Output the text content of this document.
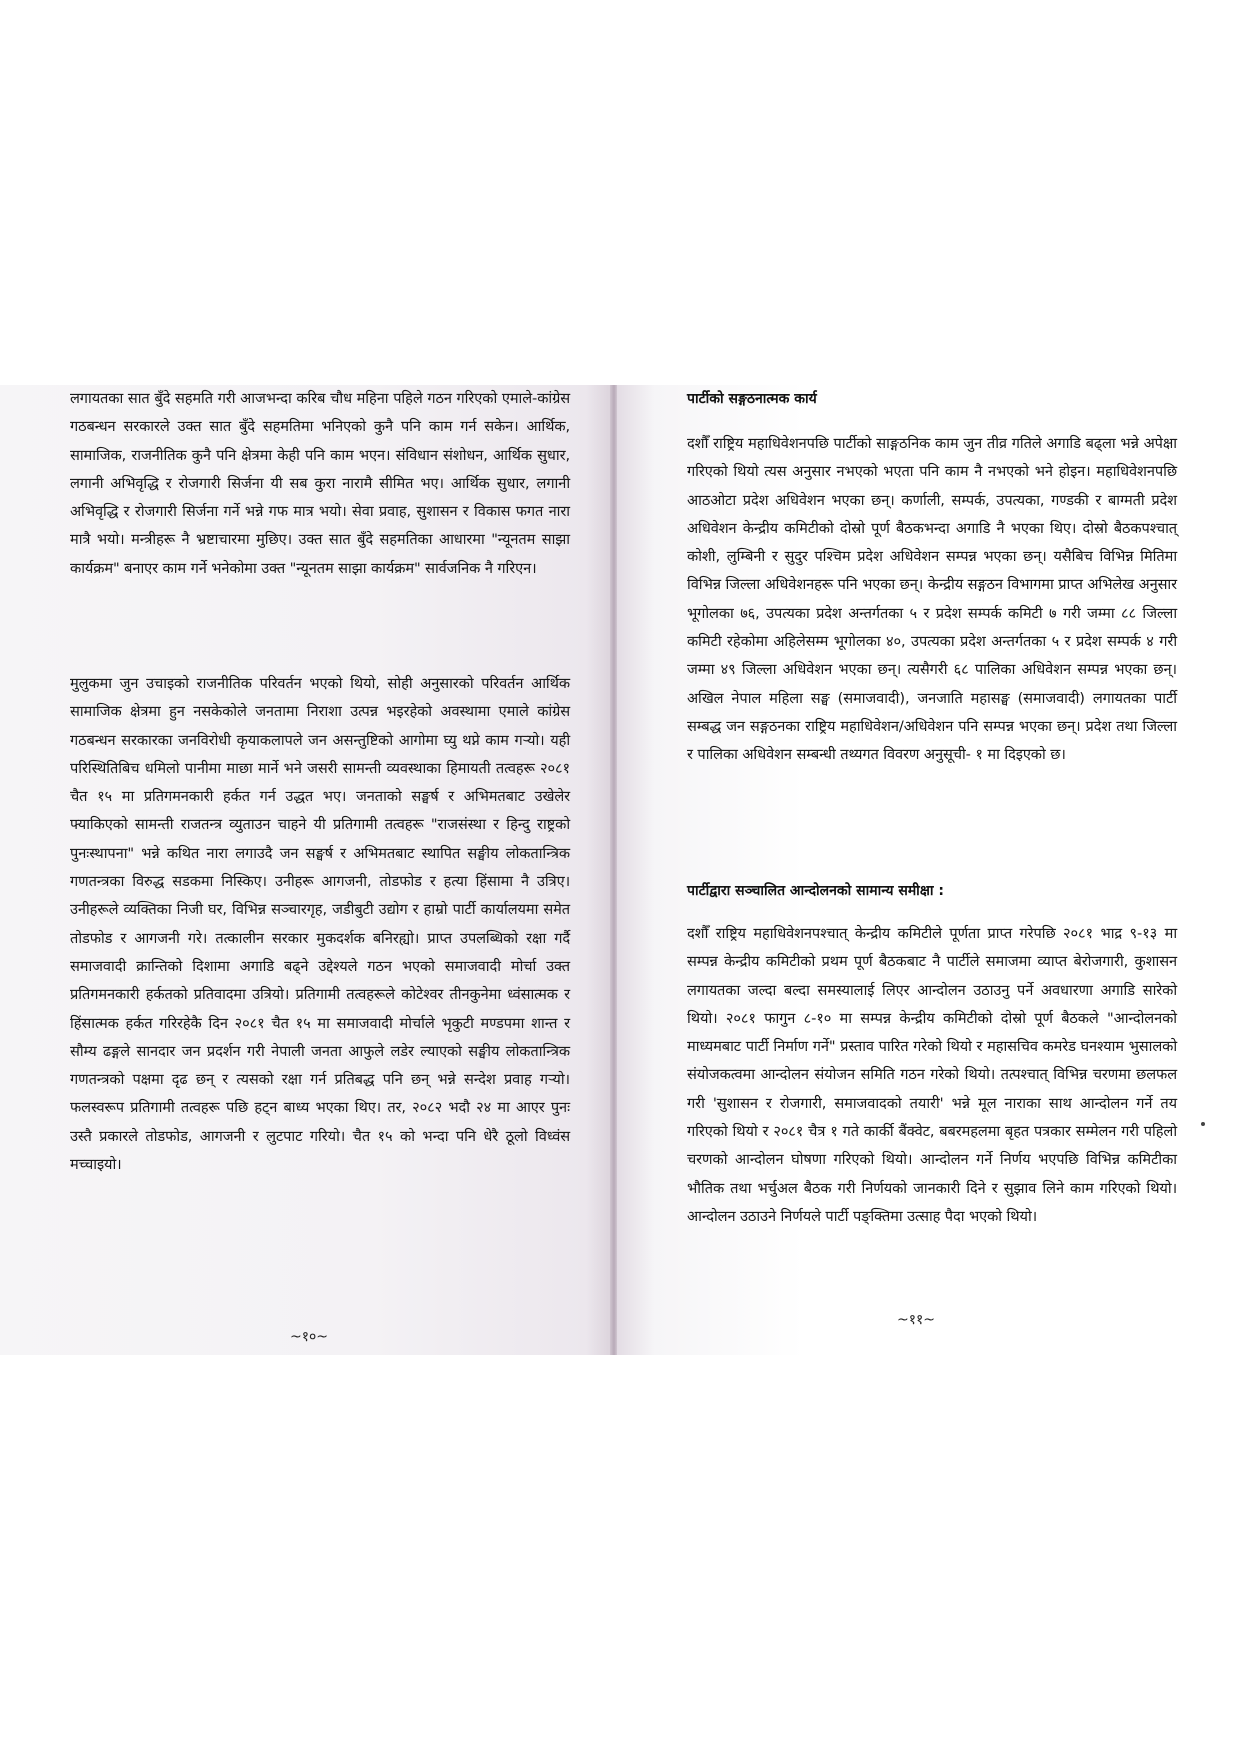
लगायतका सात बुँदे सहमति गरी आजभन्दा करिब चौध महिना पहिले गठन गरिएको एमाले-कांग्रेस गठबन्धन सरकारले उक्त सात बुँदे सहमतिमा भनिएको कुनै पनि काम गर्न सकेन। आर्थिक, सामाजिक, राजनीतिक कुनै पनि क्षेत्रमा केही पनि काम भएन। संविधान संशोधन, आर्थिक सुधार, लगानी अभिवृद्धि र रोजगारी सिर्जना यी सब कुरा नारामै सीमित भए। आर्थिक सुधार, लगानी अभिवृद्धि र रोजगारी सिर्जना गर्ने भन्ने गफ मात्र भयो। सेवा प्रवाह, सुशासन र विकास फगत नारा मात्रै भयो। मन्त्रीहरू नै भ्रष्टाचारमा मुछिए। उक्त सात बुँदे सहमतिका आधारमा "न्यूनतम साझा कार्यक्रम" बनाएर काम गर्ने भनेकोमा उक्त "न्यूनतम साझा कार्यक्रम" सार्वजनिक नै गरिएन।

मुलुकमा जुन उचाइको राजनीतिक परिवर्तन भएको थियो, सोही अनुसारको परिवर्तन आर्थिक सामाजिक क्षेत्रमा हुन नसकेकोले जनतामा निराशा उत्पन्न भइरहेको अवस्थामा एमाले कांग्रेस गठबन्धन सरकारका जनविरोधी कृयाकलापले जन असन्तुष्टिको आगोमा घ्यु थप्ने काम गऱ्यो। यही परिस्थितिबिच धमिलो पानीमा माछा मार्ने भने जसरी सामन्ती व्यवस्थाका हिमायती तत्वहरू २०८१ चैत १५ मा प्रतिगमनकारी हर्कत गर्न उद्धत भए। जनताको सङ्घर्ष र अभिमतबाट उखेलेर फ्याकिएको सामन्ती राजतन्त्र व्युताउन चाहने यी प्रतिगामी तत्वहरू "राजसंस्था र हिन्दु राष्ट्रको पुनःस्थापना" भन्ने कथित नारा लगाउदै जन सङ्घर्ष र अभिमतबाट स्थापित सङ्घीय लोकतान्त्रिक गणतन्त्रका विरुद्ध सडकमा निस्किए। उनीहरू आगजनी, तोडफोड र हत्या हिंसामा नै उत्रिए। उनीहरूले व्यक्तिका निजी घर, विभिन्न सञ्चारगृह, जडीबुटी उद्योग र हाम्रो पार्टी कार्यालयमा समेत तोडफोड र आगजनी गरे। तत्कालीन सरकार मुकदर्शक बनिरह्यो। प्राप्त उपलब्धिको रक्षा गर्दै समाजवादी क्रान्तिको दिशामा अगाडि बढ्ने उद्देश्यले गठन भएको समाजवादी मोर्चा उक्त प्रतिगमनकारी हर्कतको प्रतिवादमा उत्रियो। प्रतिगामी तत्वहरूले कोटेश्वर तीनकुनेमा ध्वंसात्मक र हिंसात्मक हर्कत गरिरहेकै दिन २०८१ चैत १५ मा समाजवादी मोर्चाले भृकुटी मण्डपमा शान्त र सौम्य ढङ्गले सानदार जन प्रदर्शन गरी नेपाली जनता आफुले लडेर ल्याएको सङ्घीय लोकतान्त्रिक गणतन्त्रको पक्षमा दृढ छन् र त्यसको रक्षा गर्न प्रतिबद्ध पनि छन् भन्ने सन्देश प्रवाह गऱ्यो। फलस्वरूप प्रतिगामी तत्वहरू पछि हट्न बाध्य भएका थिए। तर, २०८२ भदौ २४ मा आएर पुनः उस्तै प्रकारले तोडफोड, आगजनी र लुटपाट गरियो। चैत १५ को भन्दा पनि धेरै ठूलो विध्वंस मच्चाइयो।

~१०~
पार्टीको सङ्गठनात्मक कार्य

दशौँ राष्ट्रिय महाधिवेशनपछि पार्टीको साङ्गठनिक काम जुन तीव्र गतिले अगाडि बढ्ला भन्ने अपेक्षा गरिएको थियो त्यस अनुसार नभएको भएता पनि काम नै नभएको भने होइन। महाधिवेशनपछि आठओटा प्रदेश अधिवेशन भएका छन्। कर्णाली, सम्पर्क, उपत्यका, गण्डकी र बाग्मती प्रदेश अधिवेशन केन्द्रीय कमिटीको दोस्रो पूर्ण बैठकभन्दा अगाडि नै भएका थिए। दोस्रो बैठकपश्चात् कोशी, लुम्बिनी र सुदुर पश्चिम प्रदेश अधिवेशन सम्पन्न भएका छन्। यसैबिच विभिन्न मितिमा विभिन्न जिल्ला अधिवेशनहरू पनि भएका छन्। केन्द्रीय सङ्गठन विभागमा प्राप्त अभिलेख अनुसार भूगोलका ७६, उपत्यका प्रदेश अन्तर्गतका ५ र प्रदेश सम्पर्क कमिटी ७ गरी जम्मा ८८ जिल्ला कमिटी रहेकोमा अहिलेसम्म भूगोलका ४०, उपत्यका प्रदेश अन्तर्गतका ५ र प्रदेश सम्पर्क ४ गरी जम्मा ४९ जिल्ला अधिवेशन भएका छन्। त्यसैगरी ६८ पालिका अधिवेशन सम्पन्न भएका छन्। अखिल नेपाल महिला सङ्घ (समाजवादी), जनजाति महासङ्घ (समाजवादी) लगायतका पार्टी सम्बद्ध जन सङ्गठनका राष्ट्रिय महाधिवेशन/अधिवेशन पनि सम्पन्न भएका छन्। प्रदेश तथा जिल्ला र पालिका अधिवेशन सम्बन्धी तथ्यगत विवरण अनुसूची- १ मा दिइएको छ।

पार्टीद्वारा सञ्चालित आन्दोलनको सामान्य समीक्षा :

दशौँ राष्ट्रिय महाधिवेशनपश्चात् केन्द्रीय कमिटीले पूर्णता प्राप्त गरेपछि २०८१ भाद्र ९-१३ मा सम्पन्न केन्द्रीय कमिटीको प्रथम पूर्ण बैठकबाट नै पार्टीले समाजमा व्याप्त बेरोजगारी, कुशासन लगायतका जल्दा बल्दा समस्यालाई लिएर आन्दोलन उठाउनु पर्ने अवधारणा अगाडि सारेको थियो। २०८१ फागुन ८-१० मा सम्पन्न केन्द्रीय कमिटीको दोस्रो पूर्ण बैठकले "आन्दोलनको माध्यमबाट पार्टी निर्माण गर्ने" प्रस्ताव पारित गरेको थियो र महासचिव कमरेड घनश्याम भुसालको संयोजकत्वमा आन्दोलन संयोजन समिति गठन गरेको थियो। तत्पश्चात् विभिन्न चरणमा छलफल गरी 'सुशासन र रोजगारी, समाजवादको तयारी' भन्ने मूल नाराका साथ आन्दोलन गर्ने तय गरिएको थियो र २०८१ चैत्र १ गते कार्की बैंक्वेट, बबरमहलमा बृहत पत्रकार सम्मेलन गरी पहिलो चरणको आन्दोलन घोषणा गरिएको थियो। आन्दोलन गर्ने निर्णय भएपछि विभिन्न कमिटीका भौतिक तथा भर्चुअल बैठक गरी निर्णयको जानकारी दिने र सुझाव लिने काम गरिएको थियो। आन्दोलन उठाउने निर्णयले पार्टी पङ्क्तिमा उत्साह पैदा भएको थियो।

~११~
